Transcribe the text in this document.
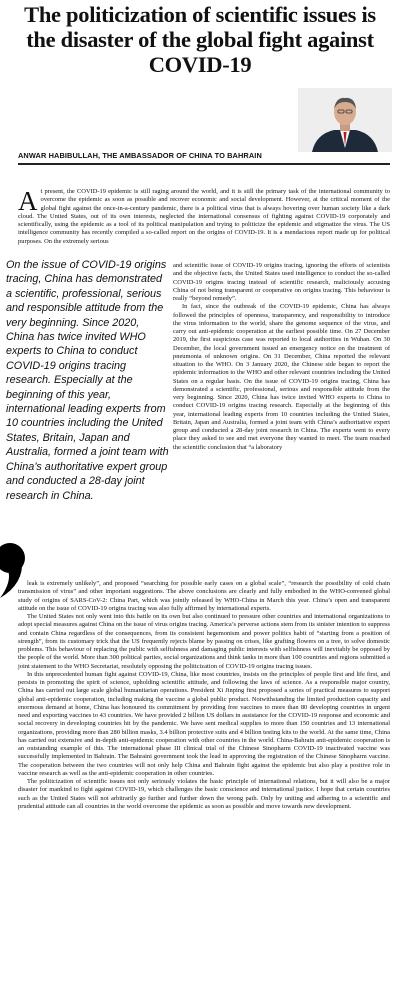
The politicization of scientific issues is the disaster of the global fight against COVID-19
ANWAR HABIBULLAH, THE AMBASSADOR OF CHINA TO BAHRAIN
A t present, the COVID-19 epidemic is still raging around the world, and it is still the primary task of the international community to overcome the epidemic as soon as possible and recover economic and social development. However, at the critical moment of the global fight against the once-in-a-century pandemic, there is a political virus that is always hovering over human society like a dark cloud. The United States, out of its own interests, neglected the international consensus of fighting against COVID-19 corporately and scientifically, using the epidemic as a tool of its political manipulation and trying to politicize the epidemic and stigmatize the virus. The US intelligence community has recently compiled a so-called report on the origins of COVID-19. It is a mendacious report made up for political purposes. On the extremely serious

On the issue of COVID-19 origins tracing, China has demonstrated a scientific, professional, serious and responsible attitude from the very beginning. Since 2020, China has twice invited WHO experts to China to conduct COVID-19 origins tracing research. Especially at the beginning of this year, international leading experts from 10 countries including the United States, Britain, Japan and Australia, formed a joint team with China’s authoritative expert group and conducted a 28-day joint research in China.

and scientific issue of COVID-19 origins tracing, ignoring the efforts of scientists and the objective facts, the United States used intelligence to conduct the so-called COVID-19 origins tracing instead of scientific research, maliciously accusing China of not being transparent or cooperative on origins tracing. This behaviour is really “beyond remedy”.

In fact, since the outbreak of the COVID-19 epidemic, China has always followed the principles of openness, transparency, and responsibility to introduce the virus information to the world, share the genome sequence of the virus, and carry out anti-epidemic cooperation at the earliest possible time. On 27 December 2019, the first suspicious case was reported to local authorities in Wuhan. On 30 December, the local government issued an emergency notice on the treatment of pneumonia of unknown origins. On 31 December, China reported the relevant situation to the WHO. On 3 January 2020, the Chinese side began to report the epidemic information to the WHO and other relevant countries including the United States on a regular basis. On the issue of COVID-19 origins tracing, China has demonstrated a scientific, professional, serious and responsible attitude from the very beginning. Since 2020, China has twice invited WHO experts to China to conduct COVID-19 origins tracing research. Especially at the beginning of this year, international leading experts from 10 countries including the United States, Britain, Japan and Australia, formed a joint team with China’s authoritative expert group and conducted a 28-day joint research in China. The experts went to every place they asked to see and met everyone they wanted to meet. The team reached the scientific conclusion that “a laboratory

leak is extremely unlikely”, and proposed “searching for possible early cases on a global scale”, “research the possibility of cold chain transmission of virus” and other important suggestions. The above conclusions are clearly and fully embodied in the WHO-convened global study of origins of SARS-CoV-2: China Part, which was jointly released by WHO-China in March this year. China’s open and transparent attitude on the issue of COVID-19 origins tracing was also fully affirmed by international experts.

The United States not only went into this battle on its own but also continued to pressure other countries and international organizations to adopt special measures against China on the issue of virus origins tracing. America’s perverse actions stem from its sinister intention to suppress and contain China regardless of the consequences, from its consistent hegemonism and power politics habit of “starting from a position of strength”, from its customary trick that the US frequently rejects blame by passing on crises, like grafting flowers on a tree, to solve domestic problems. This behaviour of replacing the public with selfishness and damaging public interests with selfishness will inevitably be opposed by the people of the world. More than 300 political parties, social organizations and think tanks in more than 100 countries and regions submitted a joint statement to the WHO Secretariat, resolutely opposing the politicization of COVID-19 origins tracing issues.

In this unprecedented human fight against COVID-19, China, like most countries, insists on the principles of people first and life first, and persists in promoting the spirit of science, upholding scientific attitude, and following the laws of science. As a responsible major country, China has carried out large scale global humanitarian operations. President Xi Jinping first proposed a series of practical measures to support global anti-epidemic cooperation, including making the vaccine a global public product. Notwithstanding the limited production capacity and enormous demand at home, China has honoured its commitment by providing free vaccines to more than 80 developing countries in urgent need and exporting vaccines to 43 countries. We have provided 2 billion US dollars in assistance for the COVID-19 response and economic and social recovery in developing countries hit by the pandemic. We have sent medical supplies to more than 150 countries and 13 international organizations, providing more than 280 billion masks, 3.4 billion protective suits and 4 billion testing kits to the world. At the same time, China has carried out extensive and in-depth anti-epidemic cooperation with other countries in the world. China-Bahrain anti-epidemic cooperation is an outstanding example of this. The international phase III clinical trial of the Chinese Sinopharm COVID-19 inactivated vaccine was successfully implemented in Bahrain. The Bahraini government took the lead in approving the registration of the Chinese Sinopharm vaccine. The cooperation between the two countries will not only help China and Bahrain fight against the epidemic but also play a positive role in vaccine research as well as the anti-epidemic cooperation in other countries.

The politicization of scientific issues not only seriously violates the basic principle of international relations, but it will also be a major disaster for mankind to fight against COVID-19, which challenges the basic conscience and international justice. I hope that certain countries such as the United States will not arbitrarily go further and further down the wrong path. Only by uniting and adhering to a scientific and prudential attitude can all countries in the world overcome the epidemic as soon as possible and move towards new development.
